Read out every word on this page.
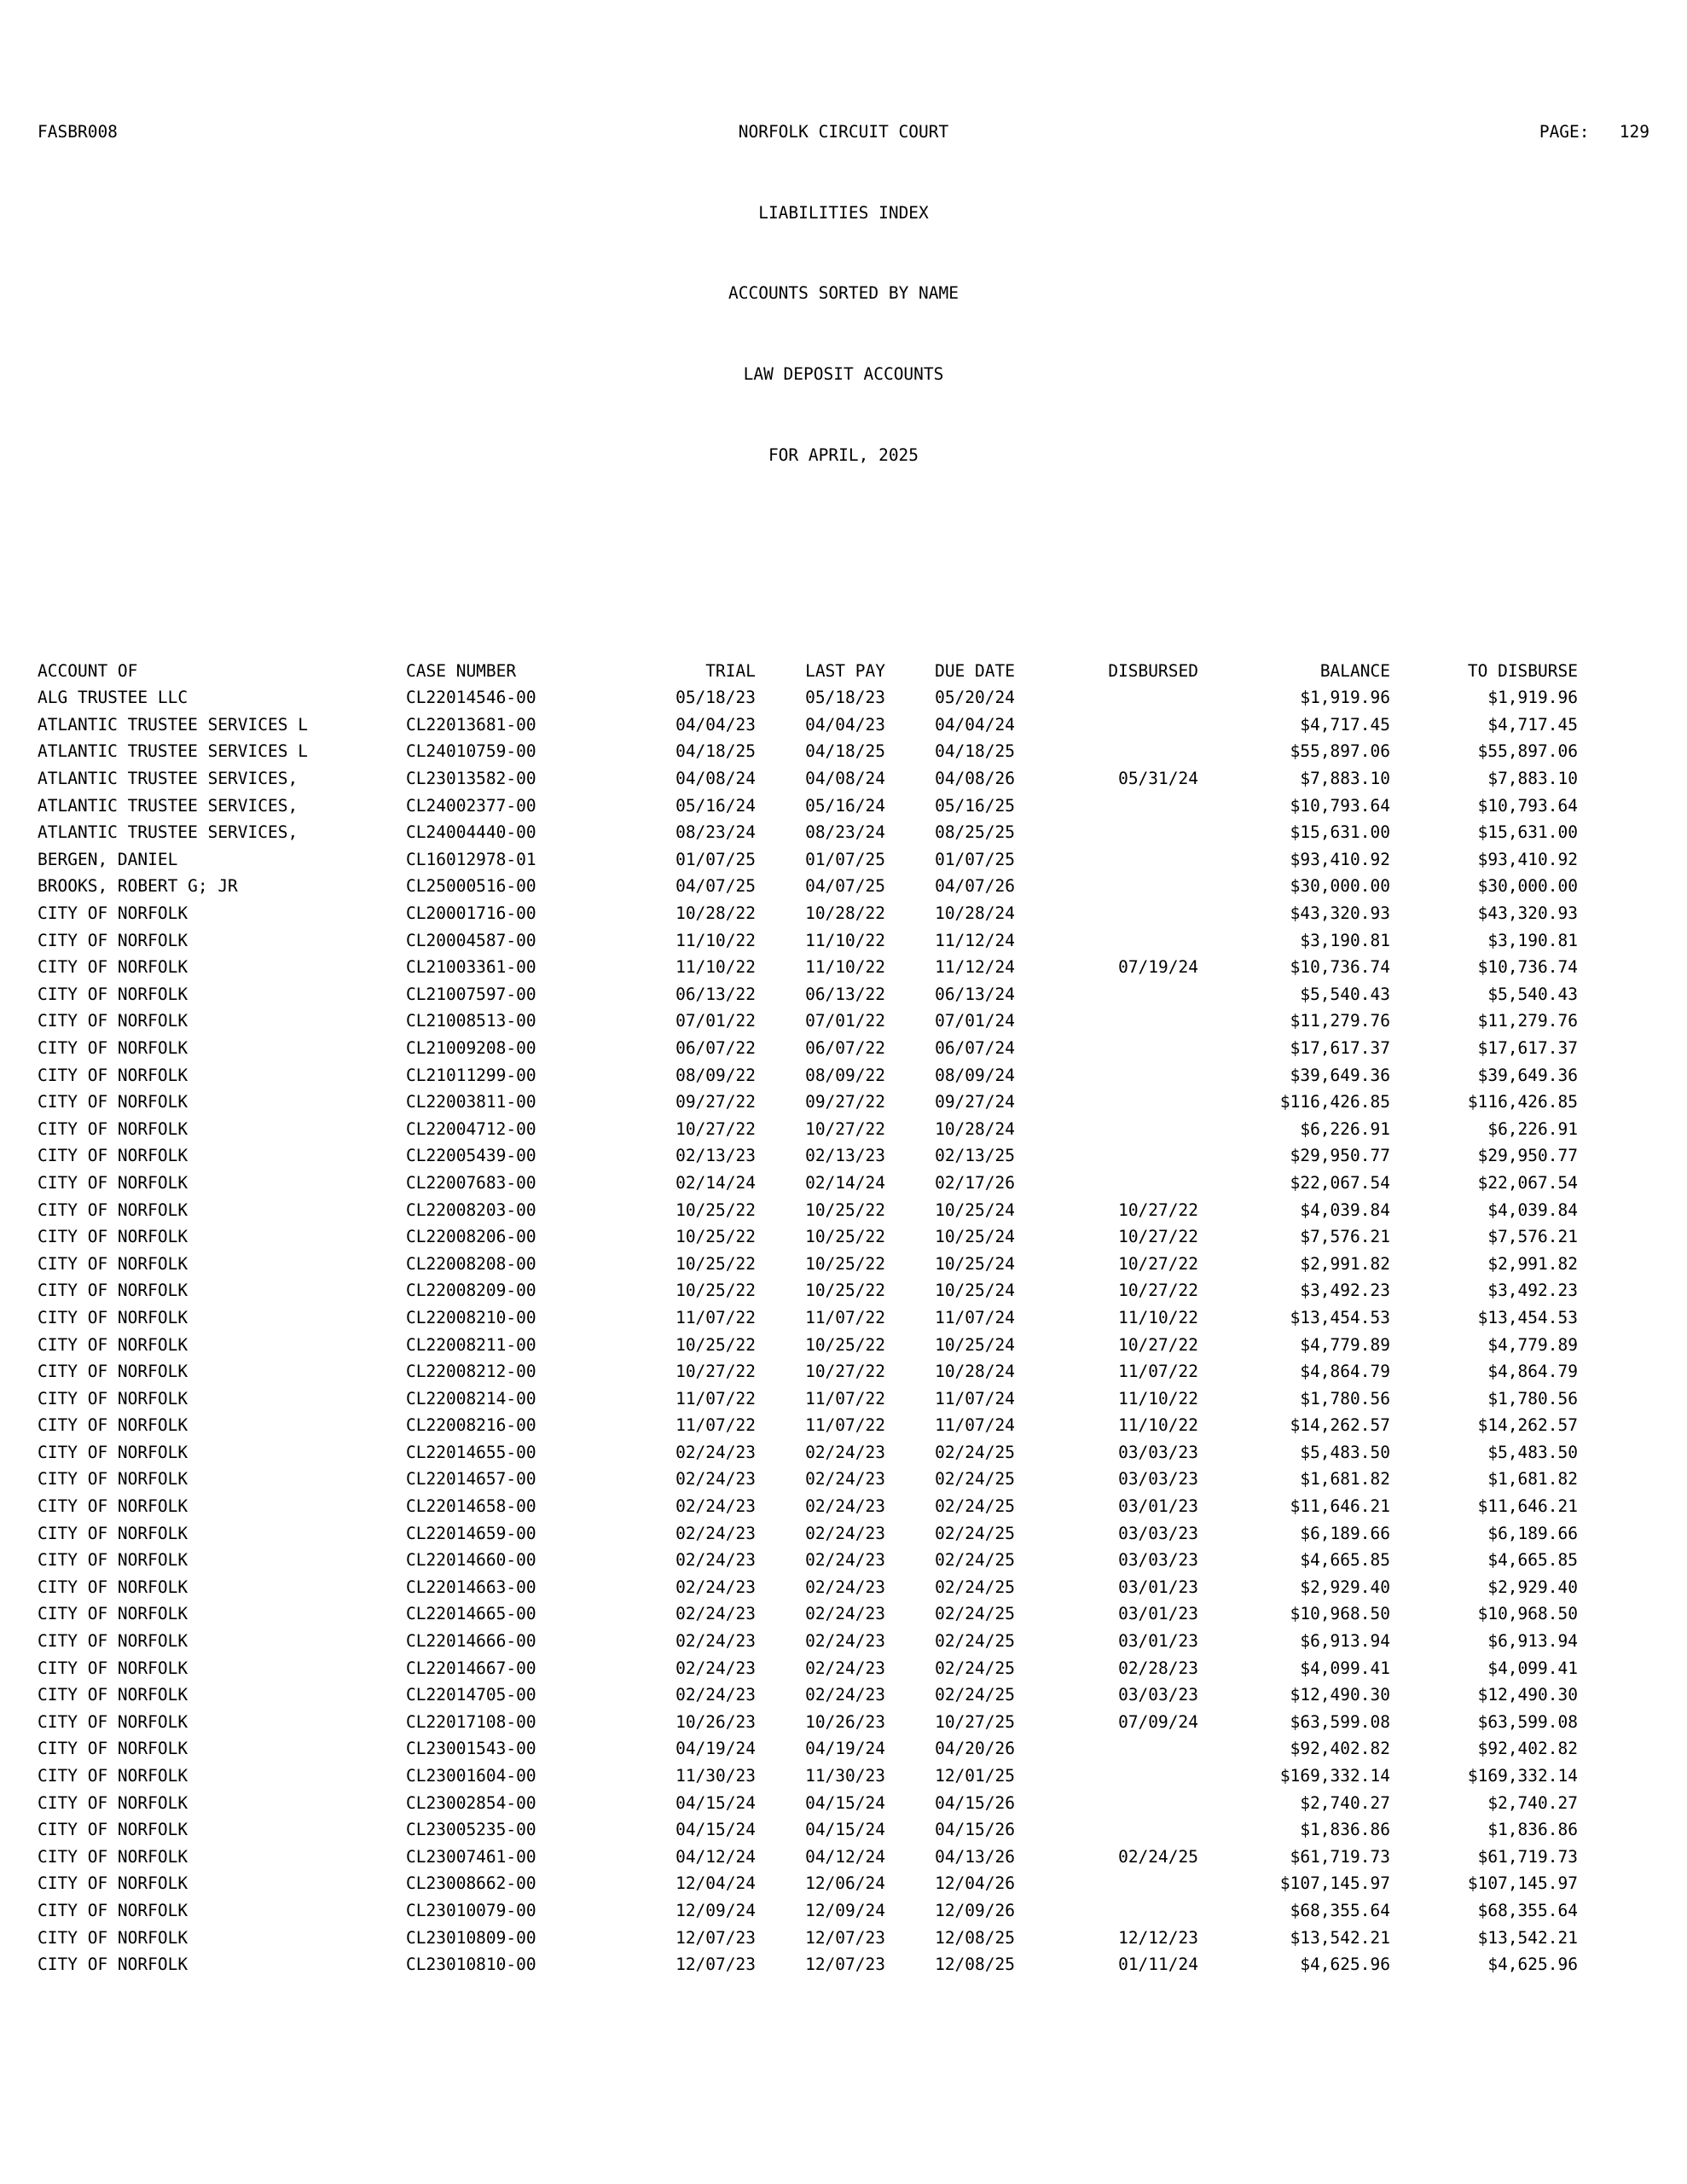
FASBR008

	NORFOLK CIRCUIT COURT

	PAGE: 129

LIABILITIES INDEX

ACCOUNTS SORTED BY NAME

LAW DEPOSIT ACCOUNTS

FOR APRIL, 2025

ACCOUNT OF	CASE NUMBER	TRIAL	LAST PAY	DUE DATE	DISBURSED	BALANCE	TO DISBURSE
ALG TRUSTEE LLC	CL22014546-00	05/18/23	05/18/23	05/20/24		$1,919.96	$1,919.96
ATLANTIC TRUSTEE SERVICES L	CL22013681-00	04/04/23	04/04/23	04/04/24		$4,717.45	$4,717.45
ATLANTIC TRUSTEE SERVICES L	CL24010759-00	04/18/25	04/18/25	04/18/25		$55,897.06	$55,897.06
ATLANTIC TRUSTEE SERVICES,	CL23013582-00	04/08/24	04/08/24	04/08/26	05/31/24	$7,883.10	$7,883.10
ATLANTIC TRUSTEE SERVICES,	CL24002377-00	05/16/24	05/16/24	05/16/25		$10,793.64	$10,793.64
ATLANTIC TRUSTEE SERVICES,	CL24004440-00	08/23/24	08/23/24	08/25/25		$15,631.00	$15,631.00
BERGEN, DANIEL	CL16012978-01	01/07/25	01/07/25	01/07/25		$93,410.92	$93,410.92
BROOKS, ROBERT G; JR	CL25000516-00	04/07/25	04/07/25	04/07/26		$30,000.00	$30,000.00
CITY OF NORFOLK	CL20001716-00	10/28/22	10/28/22	10/28/24		$43,320.93	$43,320.93
CITY OF NORFOLK	CL20004587-00	11/10/22	11/10/22	11/12/24		$3,190.81	$3,190.81
CITY OF NORFOLK	CL21003361-00	11/10/22	11/10/22	11/12/24	07/19/24	$10,736.74	$10,736.74
CITY OF NORFOLK	CL21007597-00	06/13/22	06/13/22	06/13/24		$5,540.43	$5,540.43
CITY OF NORFOLK	CL21008513-00	07/01/22	07/01/22	07/01/24		$11,279.76	$11,279.76
CITY OF NORFOLK	CL21009208-00	06/07/22	06/07/22	06/07/24		$17,617.37	$17,617.37
CITY OF NORFOLK	CL21011299-00	08/09/22	08/09/22	08/09/24		$39,649.36	$39,649.36
CITY OF NORFOLK	CL22003811-00	09/27/22	09/27/22	09/27/24		$116,426.85	$116,426.85
CITY OF NORFOLK	CL22004712-00	10/27/22	10/27/22	10/28/24		$6,226.91	$6,226.91
CITY OF NORFOLK	CL22005439-00	02/13/23	02/13/23	02/13/25		$29,950.77	$29,950.77
CITY OF NORFOLK	CL22007683-00	02/14/24	02/14/24	02/17/26		$22,067.54	$22,067.54
CITY OF NORFOLK	CL22008203-00	10/25/22	10/25/22	10/25/24	10/27/22	$4,039.84	$4,039.84
CITY OF NORFOLK	CL22008206-00	10/25/22	10/25/22	10/25/24	10/27/22	$7,576.21	$7,576.21
CITY OF NORFOLK	CL22008208-00	10/25/22	10/25/22	10/25/24	10/27/22	$2,991.82	$2,991.82
CITY OF NORFOLK	CL22008209-00	10/25/22	10/25/22	10/25/24	10/27/22	$3,492.23	$3,492.23
CITY OF NORFOLK	CL22008210-00	11/07/22	11/07/22	11/07/24	11/10/22	$13,454.53	$13,454.53
CITY OF NORFOLK	CL22008211-00	10/25/22	10/25/22	10/25/24	10/27/22	$4,779.89	$4,779.89
CITY OF NORFOLK	CL22008212-00	10/27/22	10/27/22	10/28/24	11/07/22	$4,864.79	$4,864.79
CITY OF NORFOLK	CL22008214-00	11/07/22	11/07/22	11/07/24	11/10/22	$1,780.56	$1,780.56
CITY OF NORFOLK	CL22008216-00	11/07/22	11/07/22	11/07/24	11/10/22	$14,262.57	$14,262.57
CITY OF NORFOLK	CL22014655-00	02/24/23	02/24/23	02/24/25	03/03/23	$5,483.50	$5,483.50
CITY OF NORFOLK	CL22014657-00	02/24/23	02/24/23	02/24/25	03/03/23	$1,681.82	$1,681.82
CITY OF NORFOLK	CL22014658-00	02/24/23	02/24/23	02/24/25	03/01/23	$11,646.21	$11,646.21
CITY OF NORFOLK	CL22014659-00	02/24/23	02/24/23	02/24/25	03/03/23	$6,189.66	$6,189.66
CITY OF NORFOLK	CL22014660-00	02/24/23	02/24/23	02/24/25	03/03/23	$4,665.85	$4,665.85
CITY OF NORFOLK	CL22014663-00	02/24/23	02/24/23	02/24/25	03/01/23	$2,929.40	$2,929.40
CITY OF NORFOLK	CL22014665-00	02/24/23	02/24/23	02/24/25	03/01/23	$10,968.50	$10,968.50
CITY OF NORFOLK	CL22014666-00	02/24/23	02/24/23	02/24/25	03/01/23	$6,913.94	$6,913.94
CITY OF NORFOLK	CL22014667-00	02/24/23	02/24/23	02/24/25	02/28/23	$4,099.41	$4,099.41
CITY OF NORFOLK	CL22014705-00	02/24/23	02/24/23	02/24/25	03/03/23	$12,490.30	$12,490.30
CITY OF NORFOLK	CL22017108-00	10/26/23	10/26/23	10/27/25	07/09/24	$63,599.08	$63,599.08
CITY OF NORFOLK	CL23001543-00	04/19/24	04/19/24	04/20/26		$92,402.82	$92,402.82
CITY OF NORFOLK	CL23001604-00	11/30/23	11/30/23	12/01/25		$169,332.14	$169,332.14
CITY OF NORFOLK	CL23002854-00	04/15/24	04/15/24	04/15/26		$2,740.27	$2,740.27
CITY OF NORFOLK	CL23005235-00	04/15/24	04/15/24	04/15/26		$1,836.86	$1,836.86
CITY OF NORFOLK	CL23007461-00	04/12/24	04/12/24	04/13/26	02/24/25	$61,719.73	$61,719.73
CITY OF NORFOLK	CL23008662-00	12/04/24	12/06/24	12/04/26		$107,145.97	$107,145.97
CITY OF NORFOLK	CL23010079-00	12/09/24	12/09/24	12/09/26		$68,355.64	$68,355.64
CITY OF NORFOLK	CL23010809-00	12/07/23	12/07/23	12/08/25	12/12/23	$13,542.21	$13,542.21
CITY OF NORFOLK	CL23010810-00	12/07/23	12/07/23	12/08/25	01/11/24	$4,625.96	$4,625.96
